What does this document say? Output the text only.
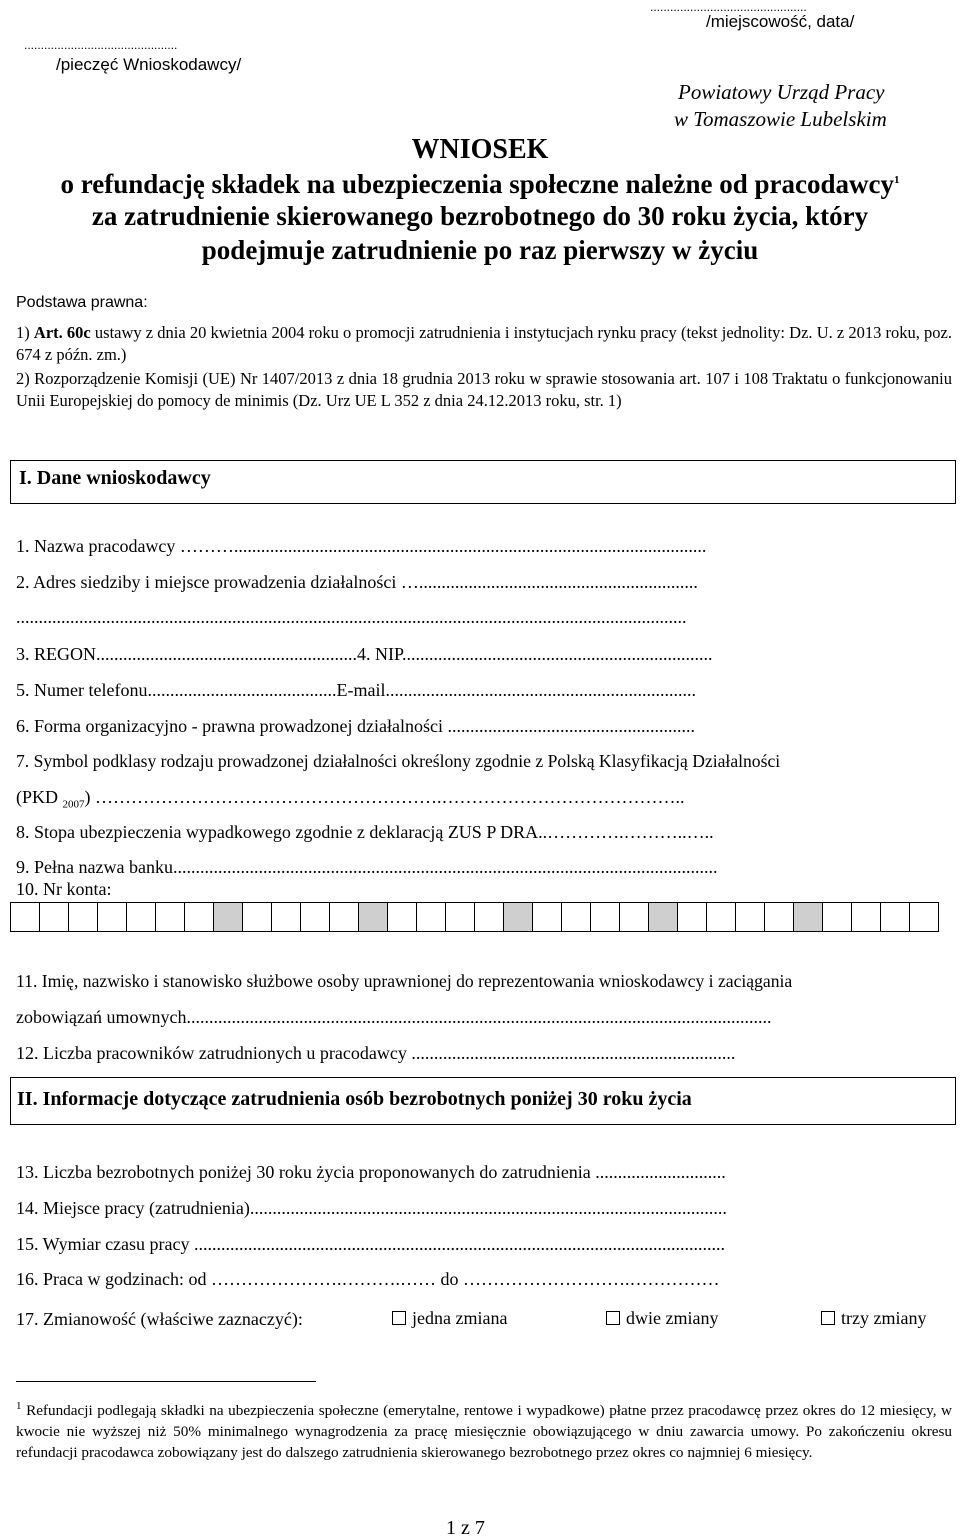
...............................................
/miejscowość, data/
..............................................
/pieczęć Wnioskodawcy/
Powiatowy Urząd Pracy
w Tomaszowie Lubelskim
WNIOSEK
o refundację składek na ubezpieczenia społeczne należne od pracodawcy$^1$
za zatrudnienie skierowanego bezrobotnego do 30 roku życia, który
podejmuje zatrudnienie po raz pierwszy w życiu
Podstawa prawna:
1) Art. 60c ustawy z dnia 20 kwietnia 2004 roku o promocji zatrudnienia i instytucjach rynku pracy (tekst jednolity: Dz. U. z 2013 roku, poz. 674 z późn. zm.)
2) Rozporządzenie Komisji (UE) Nr 1407/2013 z dnia 18 grudnia 2013 roku w sprawie stosowania art. 107 i 108 Traktatu o funkcjonowaniu Unii Europejskiej do pomocy de minimis (Dz. Urz UE L 352 z dnia 24.12.2013 roku, str. 1)
I. Dane wnioskodawcy
1. Nazwa pracodawcy ……….........................................................................................................
2. Adres siedziby i miejsce prowadzenia działalności …..............................................................
.....................................................................................................................................................
3. REGON..........................................................4. NIP.....................................................................
5. Numer telefonu..........................................E-mail.....................................................................
6. Forma organizacyjno - prawna prowadzonej działalności .......................................................
7. Symbol podklasy rodzaju prowadzonej działalności określony zgodnie z Polską Klasyfikacją Działalności
(PKD $_{2007}$) ………………………………………………….…………………………………..
8. Stopa ubezpieczenia wypadkowego zgodnie z deklaracją ZUS P DRA..………….………..…..
9. Pełna nazwa banku.........................................................................................................................
10. Nr konta:
11. Imię, nazwisko i stanowisko służbowe osoby uprawnionej do reprezentowania wnioskodawcy i zaciągania
zobowiązań umownych..................................................................................................................................
12. Liczba pracowników zatrudnionych u pracodawcy ........................................................................
II. Informacje dotyczące zatrudnienia osób bezrobotnych poniżej 30 roku życia
13. Liczba bezrobotnych poniżej 30 roku życia proponowanych do zatrudnienia .............................
14. Miejsce pracy (zatrudnienia)..........................................................................................................
15. Wymiar czasu pracy ......................................................................................................................
16. Praca w godzinach: od ………………….……….…… do ……………………….……………
17. Zmianowość (właściwe zaznaczyć):	jedna zmiana	dwie zmiany	trzy zmiany
$^1$ Refundacji podlegają składki na ubezpieczenia społeczne (emerytalne, rentowe i wypadkowe) płatne przez pracodawcę przez okres do 12 miesięcy, w kwocie nie wyższej niż 50% minimalnego wynagrodzenia za pracę miesięcznie obowiązującego w dniu zawarcia umowy. Po zakończeniu okresu refundacji pracodawca zobowiązany jest do dalszego zatrudnienia skierowanego bezrobotnego przez okres co najmniej 6 miesięcy.
1 z 7
